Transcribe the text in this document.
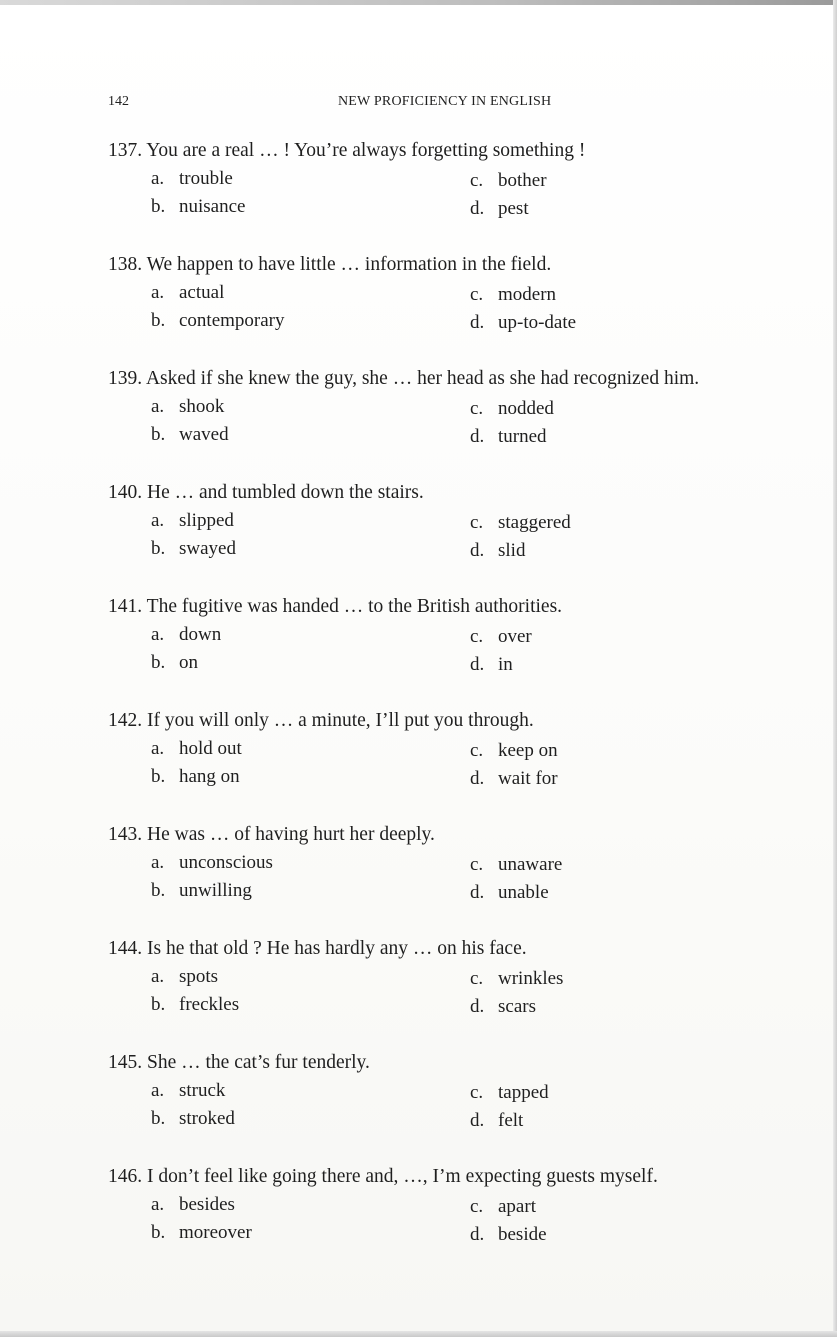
142	NEW PROFICIENCY IN ENGLISH
137. You are a real … ! You’re always forgetting something !
a. trouble
b. nuisance
c. bother
d. pest
138. We happen to have little … information in the field.
a. actual
b. contemporary
c. modern
d. up-to-date
139. Asked if she knew the guy, she … her head as she had recognized him.
a. shook
b. waved
c. nodded
d. turned
140. He … and tumbled down the stairs.
a. slipped
b. swayed
c. staggered
d. slid
141. The fugitive was handed … to the British authorities.
a. down
b. on
c. over
d. in
142. If you will only … a minute, I’ll put you through.
a. hold out
b. hang on
c. keep on
d. wait for
143. He was … of having hurt her deeply.
a. unconscious
b. unwilling
c. unaware
d. unable
144. Is he that old ? He has hardly any … on his face.
a. spots
b. freckles
c. wrinkles
d. scars
145. She … the cat’s fur tenderly.
a. struck
b. stroked
c. tapped
d. felt
146. I don’t feel like going there and, …, I’m expecting guests myself.
a. besides
b. moreover
c. apart
d. beside
